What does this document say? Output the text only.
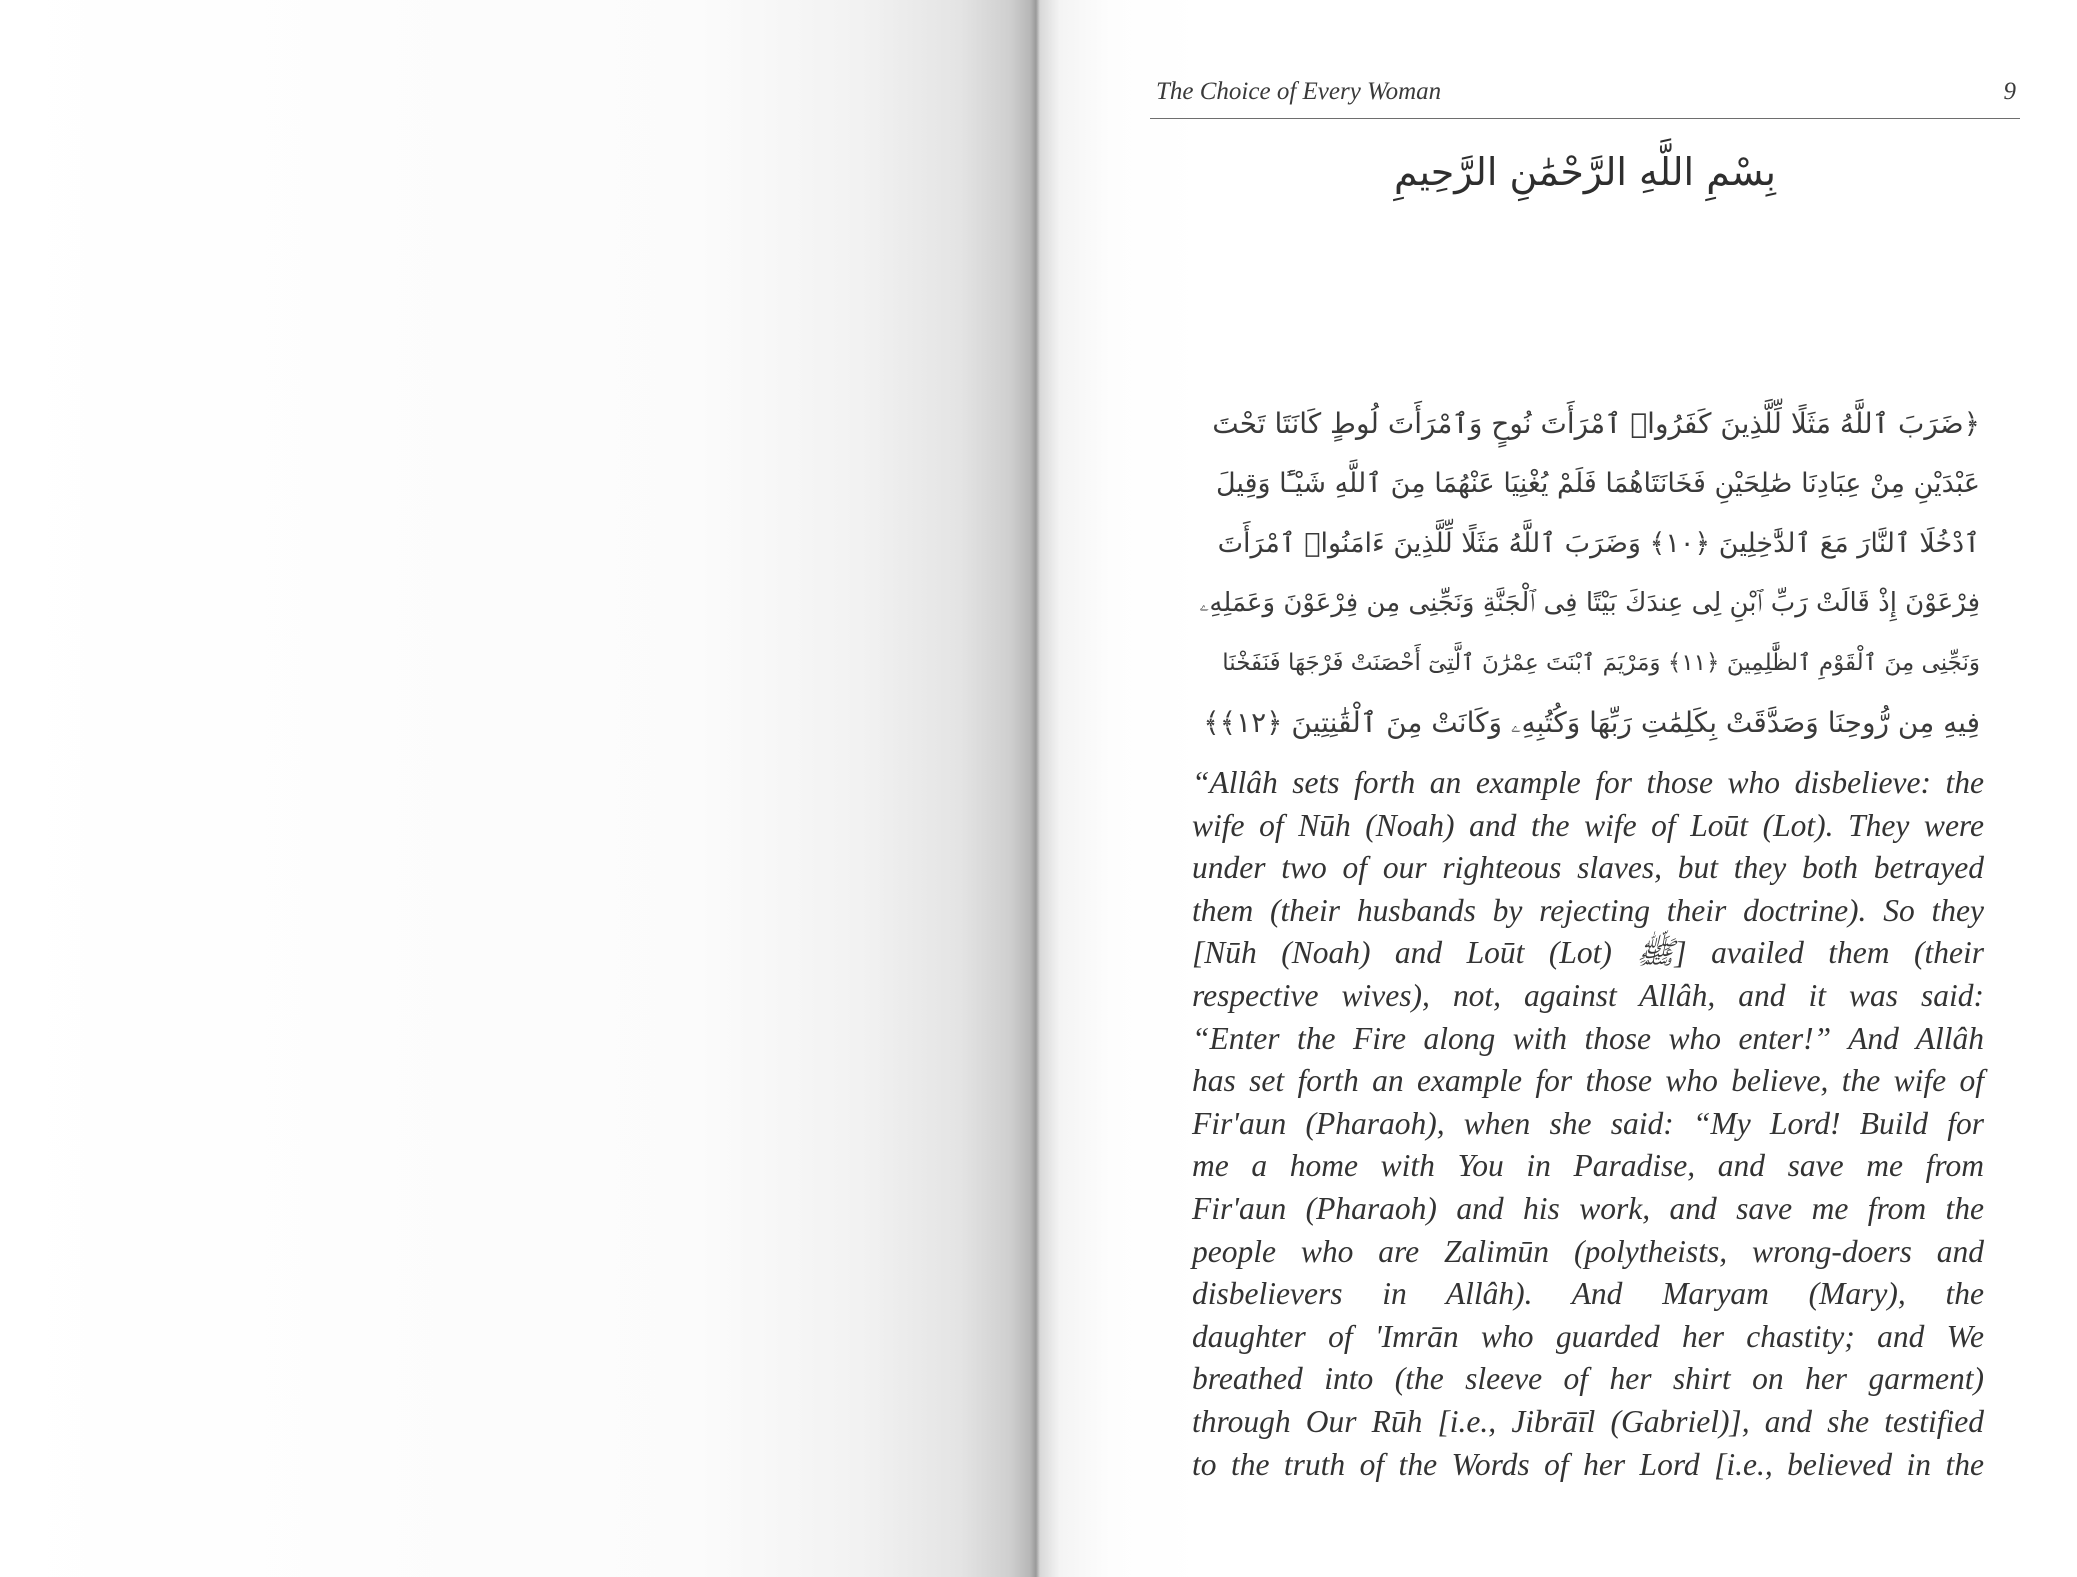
The Choice of Every Woman	9
بِسْمِ اللَّهِ الرَّحْمَٰنِ الرَّحِيمِ
﴿ضَرَبَ ٱللَّهُ مَثَلًا لِّلَّذِينَ كَفَرُوا۟ ٱمْرَأَتَ نُوحٍ وَٱمْرَأَتَ لُوطٍ كَانَتَا تَحْتَ
عَبْدَيْنِ مِنْ عِبَادِنَا صَٰلِحَيْنِ فَخَانَتَاهُمَا فَلَمْ يُغْنِيَا عَنْهُمَا مِنَ ٱللَّهِ شَيْـًٔا وَقِيلَ
ٱدْخُلَا ٱلنَّارَ مَعَ ٱلدَّٰخِلِينَ ﴿١٠﴾ وَضَرَبَ ٱللَّهُ مَثَلًا لِّلَّذِينَ ءَامَنُوا۟ ٱمْرَأَتَ
فِرْعَوْنَ إِذْ قَالَتْ رَبِّ ٱبْنِ لِى عِندَكَ بَيْتًا فِى ٱلْجَنَّةِ وَنَجِّنِى مِن فِرْعَوْنَ وَعَمَلِهِۦ
وَنَجِّنِى مِنَ ٱلْقَوْمِ ٱلظَّٰلِمِينَ ﴿١١﴾ وَمَرْيَمَ ٱبْنَتَ عِمْرَٰنَ ٱلَّتِىٓ أَحْصَنَتْ فَرْجَهَا فَنَفَخْنَا
فِيهِ مِن رُّوحِنَا وَصَدَّقَتْ بِكَلِمَٰتِ رَبِّهَا وَكُتُبِهِۦ وَكَانَتْ مِنَ ٱلْقَٰنِتِينَ ﴿١٢﴾﴾
“Allâh sets forth an example for those who disbelieve: the
wife of Nūh (Noah) and the wife of Loūt (Lot). They were
under two of our righteous slaves, but they both betrayed
them (their husbands by rejecting their doctrine). So they
[Nūh (Noah) and Loūt (Lot) ﷺ] availed them (their
respective wives), not, against Allâh, and it was said:
“Enter the Fire along with those who enter!” And Allâh
has set forth an example for those who believe, the wife of
Fir'aun (Pharaoh), when she said: “My Lord! Build for
me a home with You in Paradise, and save me from
Fir'aun (Pharaoh) and his work, and save me from the
people who are Zalimūn (polytheists, wrong-doers and
disbelievers in Allâh). And Maryam (Mary), the
daughter of 'Imrān who guarded her chastity; and We
breathed into (the sleeve of her shirt on her garment)
through Our Rūh [i.e., Jibrāīl (Gabriel)], and she testified
to the truth of the Words of her Lord [i.e., believed in the
